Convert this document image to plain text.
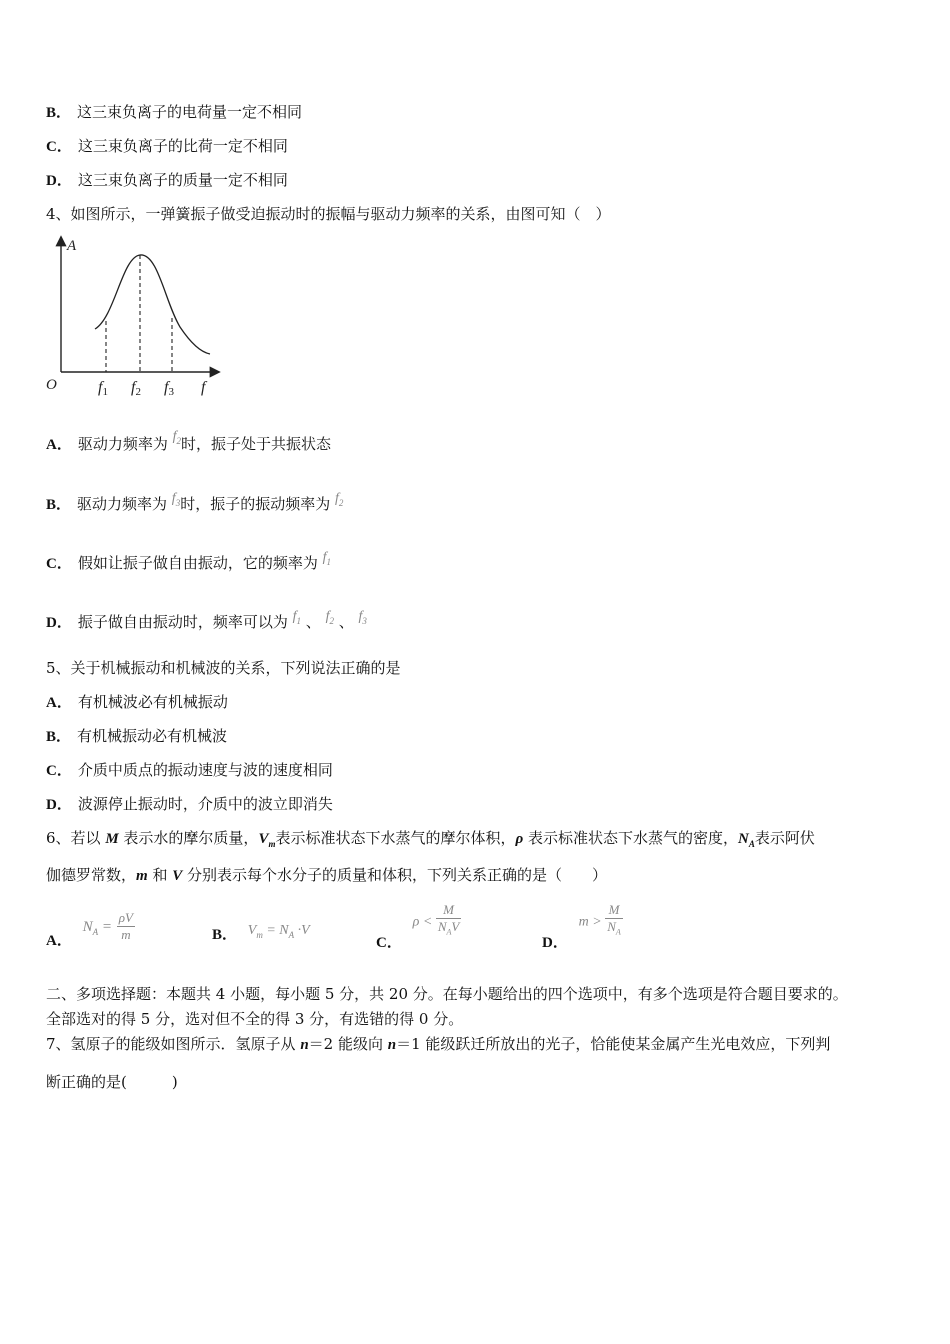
B． 这三束负离子的电荷量一定不相同
C． 这三束负离子的比荷一定不相同
D． 这三束负离子的质量一定不相同
4、如图所示，一弹簧振子做受迫振动时的振幅与驱动力频率的关系，由图可知（　）
A
O	f
f1 f2 f3
A． 驱动力频率为 $f_2$时，振子处于共振状态
B． 驱动力频率为 $f_3$时，振子的振动频率为 $f_2$
C． 假如让振子做自由振动，它的频率为 $f_1$
D． 振子做自由振动时，频率可以为 $f_1$ 、 $f_2$ 、 $f_3$
5、关于机械振动和机械波的关系，下列说法正确的是
A． 有机械波必有机械振动
B． 有机械振动必有机械波
C． 介质中质点的振动速度与波的速度相同
D． 波源停止振动时，介质中的波立即消失
6、若以 M 表示水的摩尔质量，$V_m$表示标准状态下水蒸气的摩尔体积，ρ 表示标准状态下水蒸气的密度，$N_A$表示阿伏
伽德罗常数，m 和 V 分别表示每个水分子的质量和体积，下列关系正确的是（　　）
A． $N_A = \frac{\rho V}{m}$	B． $V_m = N_A \cdot V$
C． $\rho < \frac{M}{N_AV}$
D． $m > \frac{M}{N_A}$
二、多项选择题：本题共 4 小题，每小题 5 分，共 20 分。在每小题给出的四个选项中，有多个选项是符合题目要求的。
全部选对的得 5 分，选对但不全的得 3 分，有选错的得 0 分。
7、氢原子的能级如图所示．氢原子从 n＝2 能级向 n＝1 能级跃迁所放出的光子，恰能使某金属产生光电效应，下列判
断正确的是(　　　)
